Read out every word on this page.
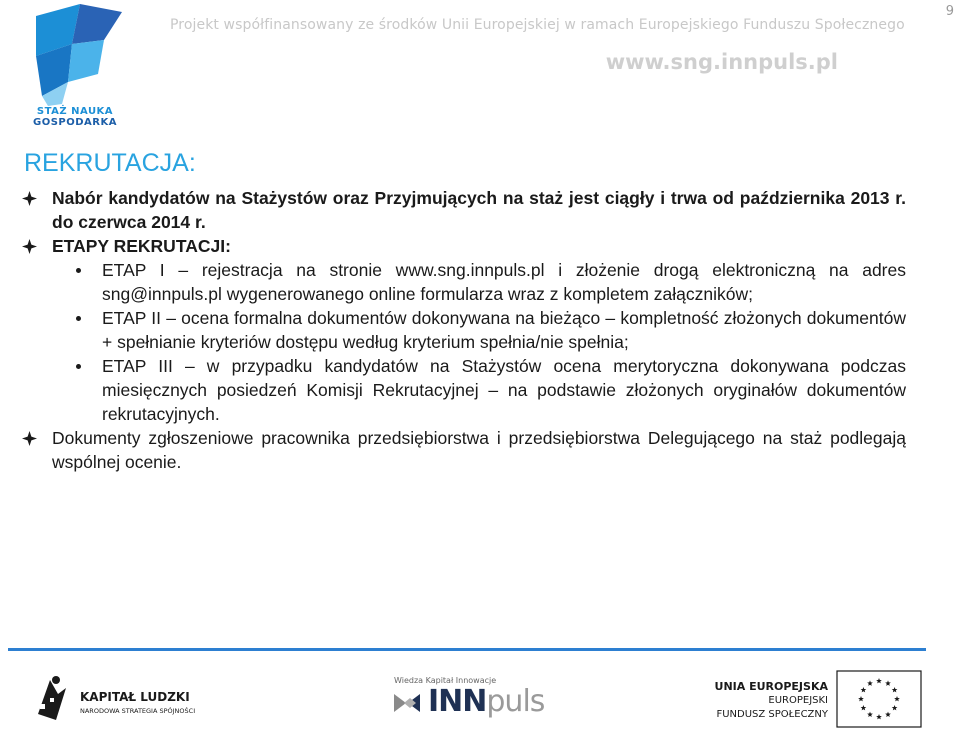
9
STAŻ NAUKA
GOSPODARKA
Projekt współfinansowany ze środków Unii Europejskiej w ramach Europejskiego Funduszu Społecznego
www.sng.innpuls.pl
REKRUTACJA:
Nabór kandydatów na Stażystów oraz Przyjmujących na staż jest ciągły i trwa od października 2013 r. do czerwca 2014 r.
ETAPY REKRUTACJI:
ETAP I – rejestracja na stronie www.sng.innpuls.pl i złożenie drogą elektroniczną na adres sng@innpuls.pl wygenerowanego online formularza wraz z kompletem załączników;
ETAP II – ocena formalna dokumentów dokonywana na bieżąco – kompletność złożonych dokumentów + spełnianie kryteriów dostępu według kryterium spełnia/nie spełnia;
ETAP III – w przypadku kandydatów na Stażystów ocena merytoryczna dokonywana podczas miesięcznych posiedzeń Komisji Rekrutacyjnej – na podstawie złożonych oryginałów dokumentów rekrutacyjnych.
Dokumenty zgłoszeniowe pracownika przedsiębiorstwa i przedsiębiorstwa Delegującego na staż podlegają wspólnej ocenie.
KAPITAŁ LUDZKI
NARODOWA STRATEGIA SPÓJNOŚCI
Wiedza Kapitał Innowacje
INNpuls	UNIA EUROPEJSKA
EUROPEJSKI
FUNDUSZ SPOŁECZNY
